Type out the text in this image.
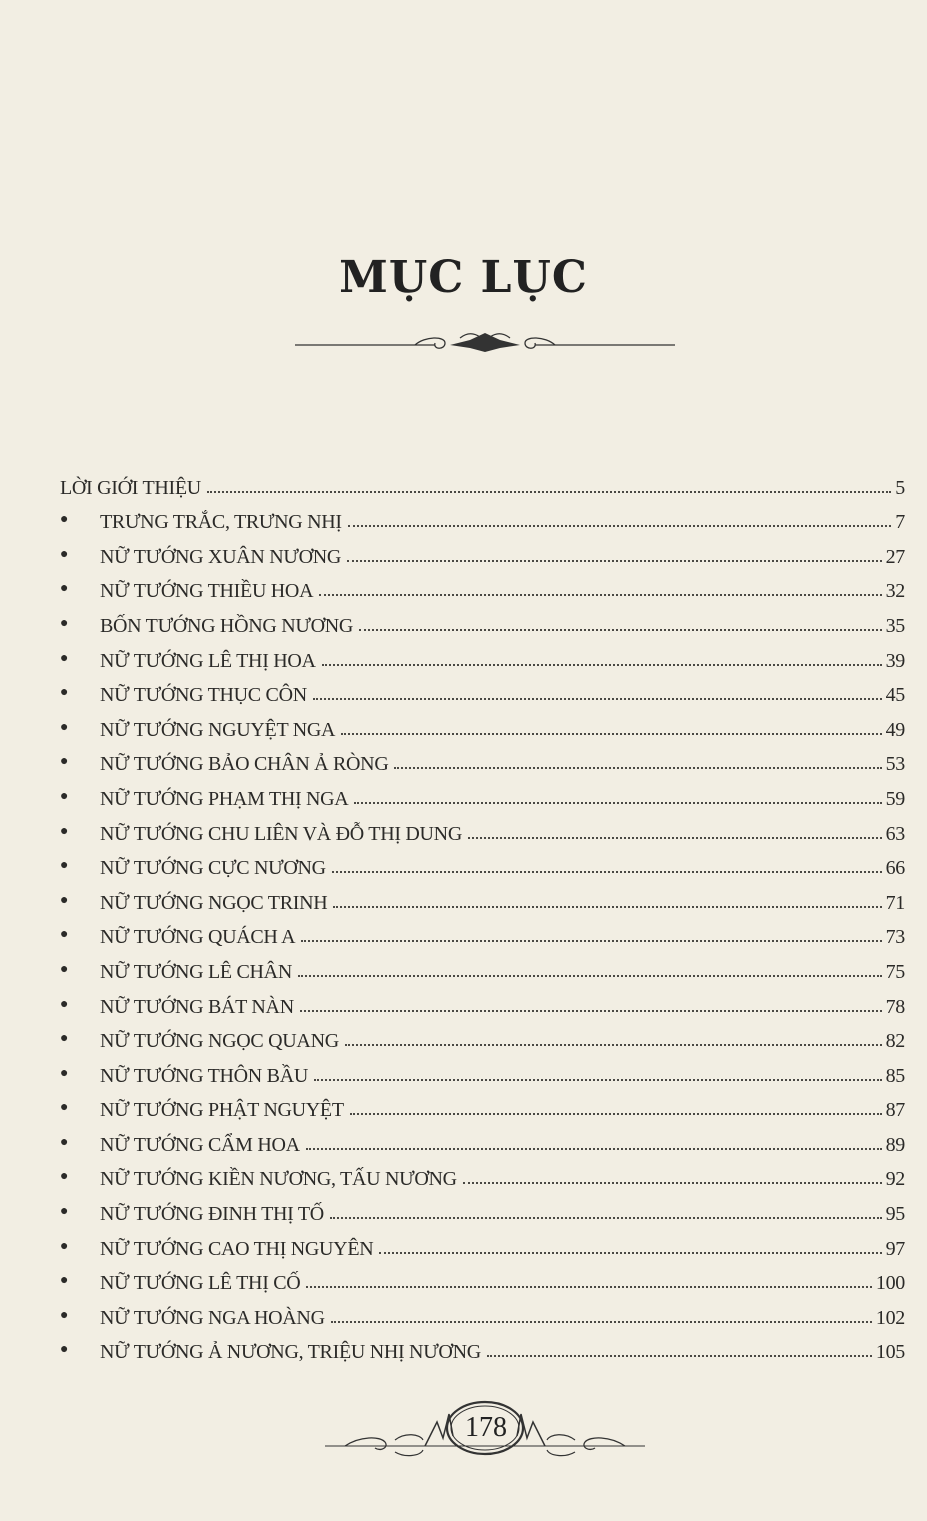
MỤC LỤC
LỜI GIỚI THIỆU	5
●	TRƯNG TRẮC, TRƯNG NHỊ	7
●	NỮ TƯỚNG XUÂN NƯƠNG	27
●	NỮ TƯỚNG THIỀU HOA	32
●	BỐN TƯỚNG HỒNG NƯƠNG	35
●	NỮ TƯỚNG LÊ THỊ HOA	39
●	NỮ TƯỚNG THỤC CÔN	45
●	NỮ TƯỚNG NGUYỆT NGA	49
●	NỮ TƯỚNG BẢO CHÂN Ả RÒNG	53
●	NỮ TƯỚNG PHẠM THỊ NGA	59
●	NỮ TƯỚNG CHU LIÊN VÀ ĐỖ THỊ DUNG	63
●	NỮ TƯỚNG CỰC NƯƠNG	66
●	NỮ TƯỚNG NGỌC TRINH	71
●	NỮ TƯỚNG QUÁCH A	73
●	NỮ TƯỚNG LÊ CHÂN	75
●	NỮ TƯỚNG BÁT NÀN	78
●	NỮ TƯỚNG NGỌC QUANG	82
●	NỮ TƯỚNG THÔN BẦU	85
●	NỮ TƯỚNG PHẬT NGUYỆT	87
●	NỮ TƯỚNG CẨM HOA	89
●	NỮ TƯỚNG KIỀN NƯƠNG, TẤU NƯƠNG	92
●	NỮ TƯỚNG ĐINH THỊ TỐ	95
●	NỮ TƯỚNG CAO THỊ NGUYÊN	97
●	NỮ TƯỚNG LÊ THỊ CỐ	100
●	NỮ TƯỚNG NGA HOÀNG	102
●	NỮ TƯỚNG Ả NƯƠNG, TRIỆU NHỊ NƯƠNG	105
178
